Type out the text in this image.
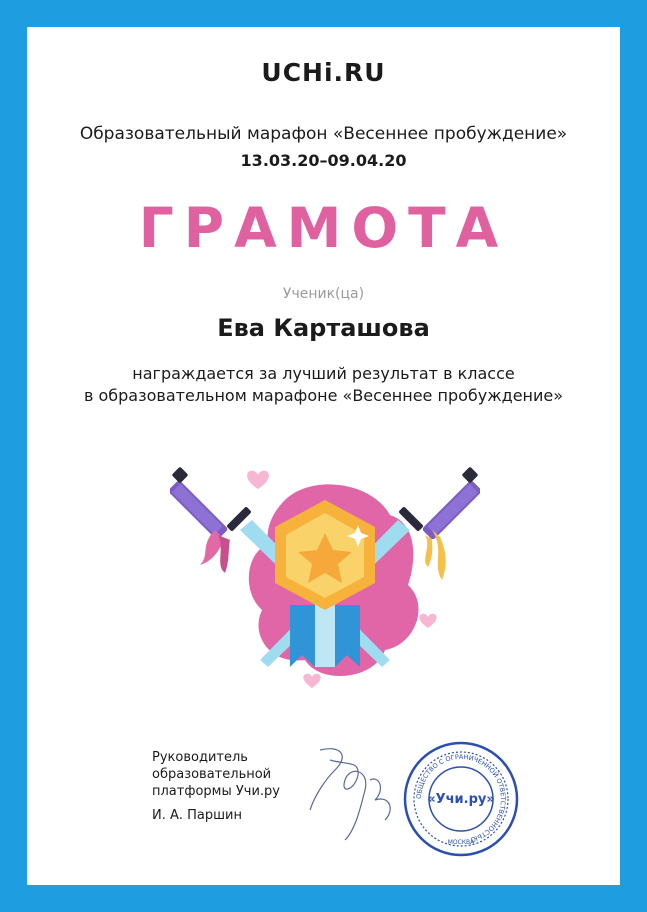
UCHi.RU
Образовательный марафон «Весеннее пробуждение»
13.03.20–09.04.20
ГРАМОТА
Ученик(ца)
Ева Карташова
награждается за лучший результат в классе
в образовательном марафоне «Весеннее пробуждение»
Руководитель
образовательной
платформы Учи.ру
И. А. Паршин
ОБЩЕСТВО С ОГРАНИЧЕННОЙ ОТВЕТСТВЕННОСТЬЮ
«Учи.ру»
МОСКВА
